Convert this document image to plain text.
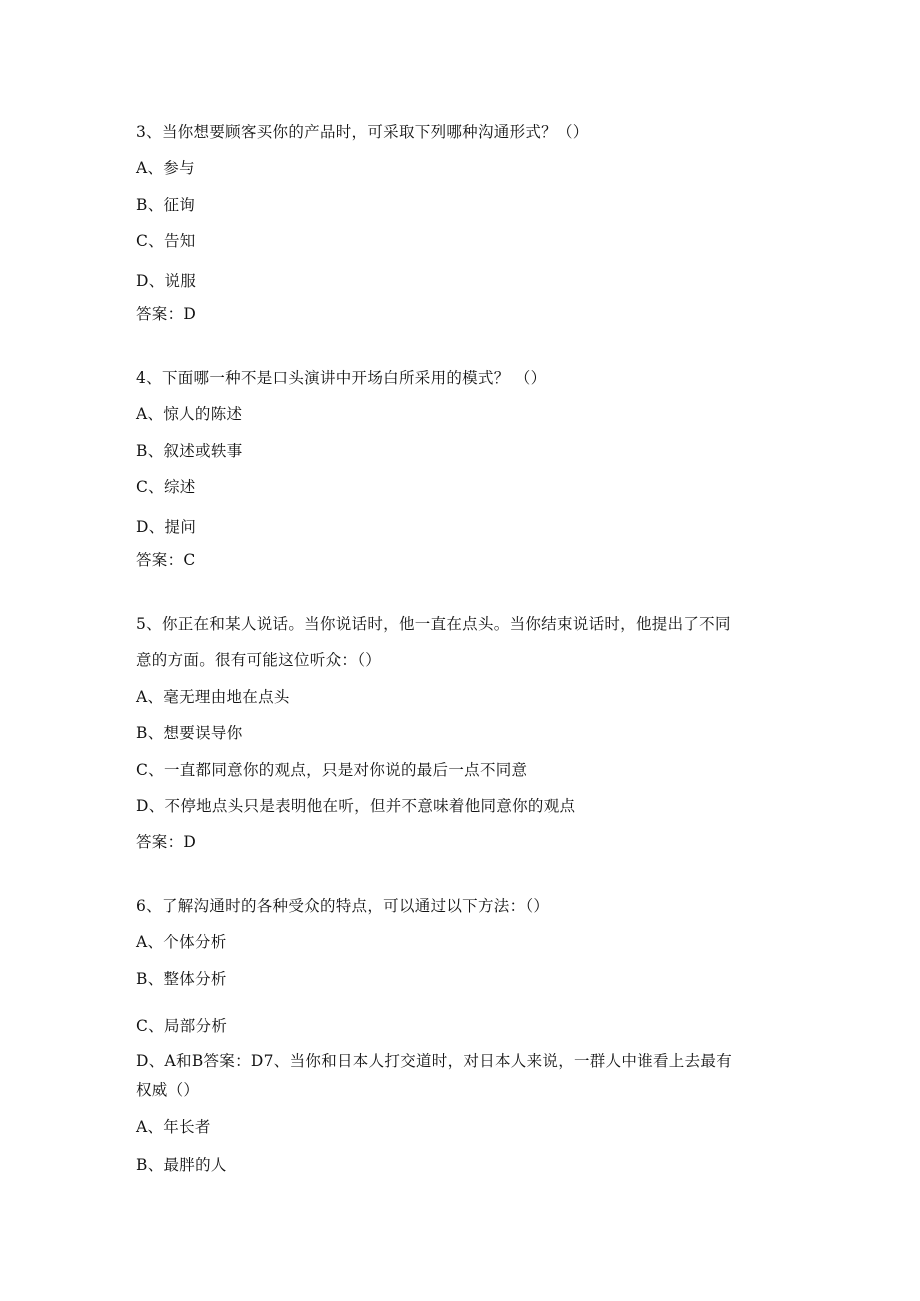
3、当你想要顾客买你的产品时，可采取下列哪种沟通形式？（）
A、参与
B、征询
C、告知
D、说服
答案：D
4、下面哪一种不是口头演讲中开场白所采用的模式？ （）
A、惊人的陈述
B、叙述或轶事
C、综述
D、提问
答案：C
5、你正在和某人说话。当你说话时，他一直在点头。当你结束说话时，他提出了不同
意的方面。很有可能这位听众：（）
A、毫无理由地在点头
B、想要误导你
C、一直都同意你的观点，只是对你说的最后一点不同意
D、不停地点头只是表明他在听，但并不意味着他同意你的观点
答案：D
6、了解沟通时的各种受众的特点，可以通过以下方法：（）
A、个体分析
B、整体分析
C、局部分析
D、A和B答案：D7、当你和日本人打交道时，对日本人来说，一群人中谁看上去最有
权威（）
A、年长者
B、最胖的人
